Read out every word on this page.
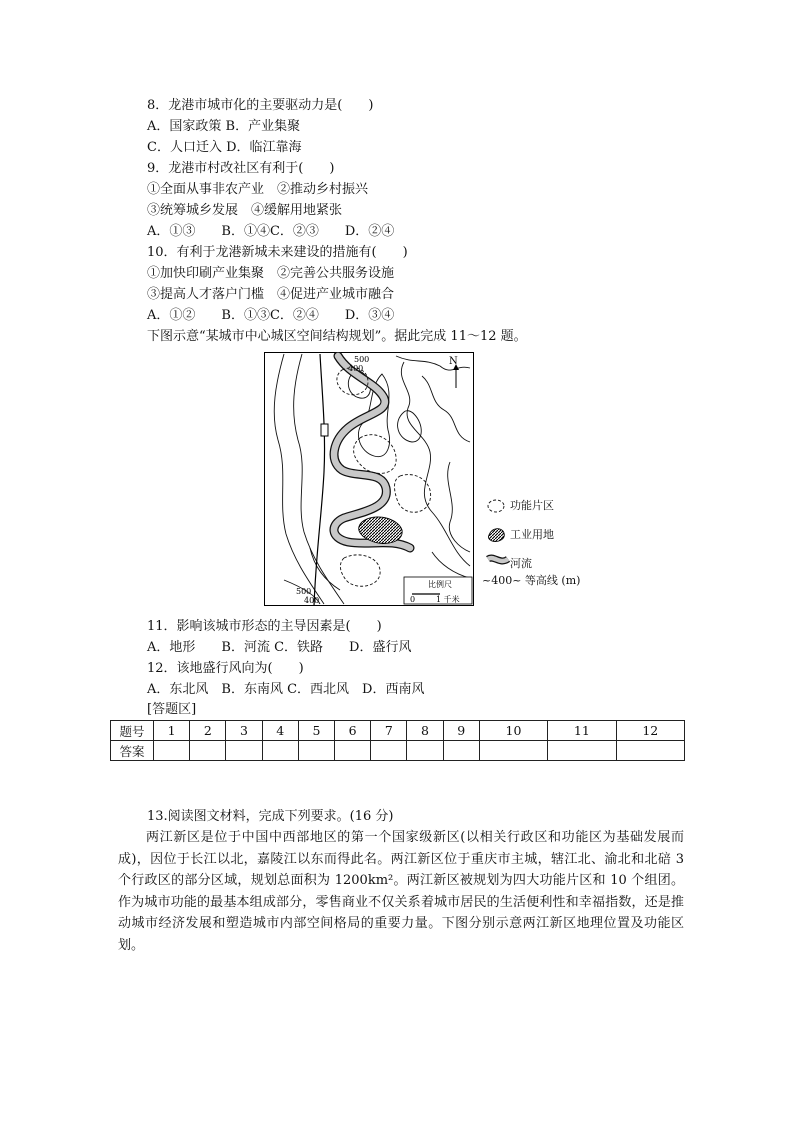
8．龙港市城市化的主要驱动力是(　　)
A．国家政策 B．产业集聚
C．人口迁入 D．临江靠海
9．龙港市村改社区有利于(　　)
①全面从事非农产业　②推动乡村振兴
③统筹城乡发展　④缓解用地紧张
A．①③　　B．①④C．②③　　D．②④
10．有利于龙港新城未来建设的措施有(　　)
①加快印刷产业集聚　②完善公共服务设施
③提高人才落户门槛　④促进产业城市融合
A．①②　　B．①③C．②④　　D．③④
下图示意“某城市中心城区空间结构规划”。据此完成 11～12 题。
N
500
400
500
400
比例尺
0	1 千米
功能片区
工业用地
河流
~400~ 等高线 (m)
11．影响该城市形态的主导因素是(　　)
A．地形　　B．河流 C．铁路　　D．盛行风
12．该地盛行风向为(　　)
A．东北风　B．东南风 C．西北风　D．西南风
[答题区]
题号	1	2	3	4	5	6	7	8	9	10	11	12
答案												
13.阅读图文材料，完成下列要求。(16 分)
两江新区是位于中国中西部地区的第一个国家级新区(以相关行政区和功能区为基础发展而成)，因位于长江以北，嘉陵江以东而得此名。两江新区位于重庆市主城，辖江北、渝北和北碚 3 个行政区的部分区域，规划总面积为 1200km²。两江新区被规划为四大功能片区和 10 个组团。作为城市功能的最基本组成部分，零售商业不仅关系着城市居民的生活便利性和幸福指数，还是推动城市经济发展和塑造城市内部空间格局的重要力量。下图分别示意两江新区地理位置及功能区划。
